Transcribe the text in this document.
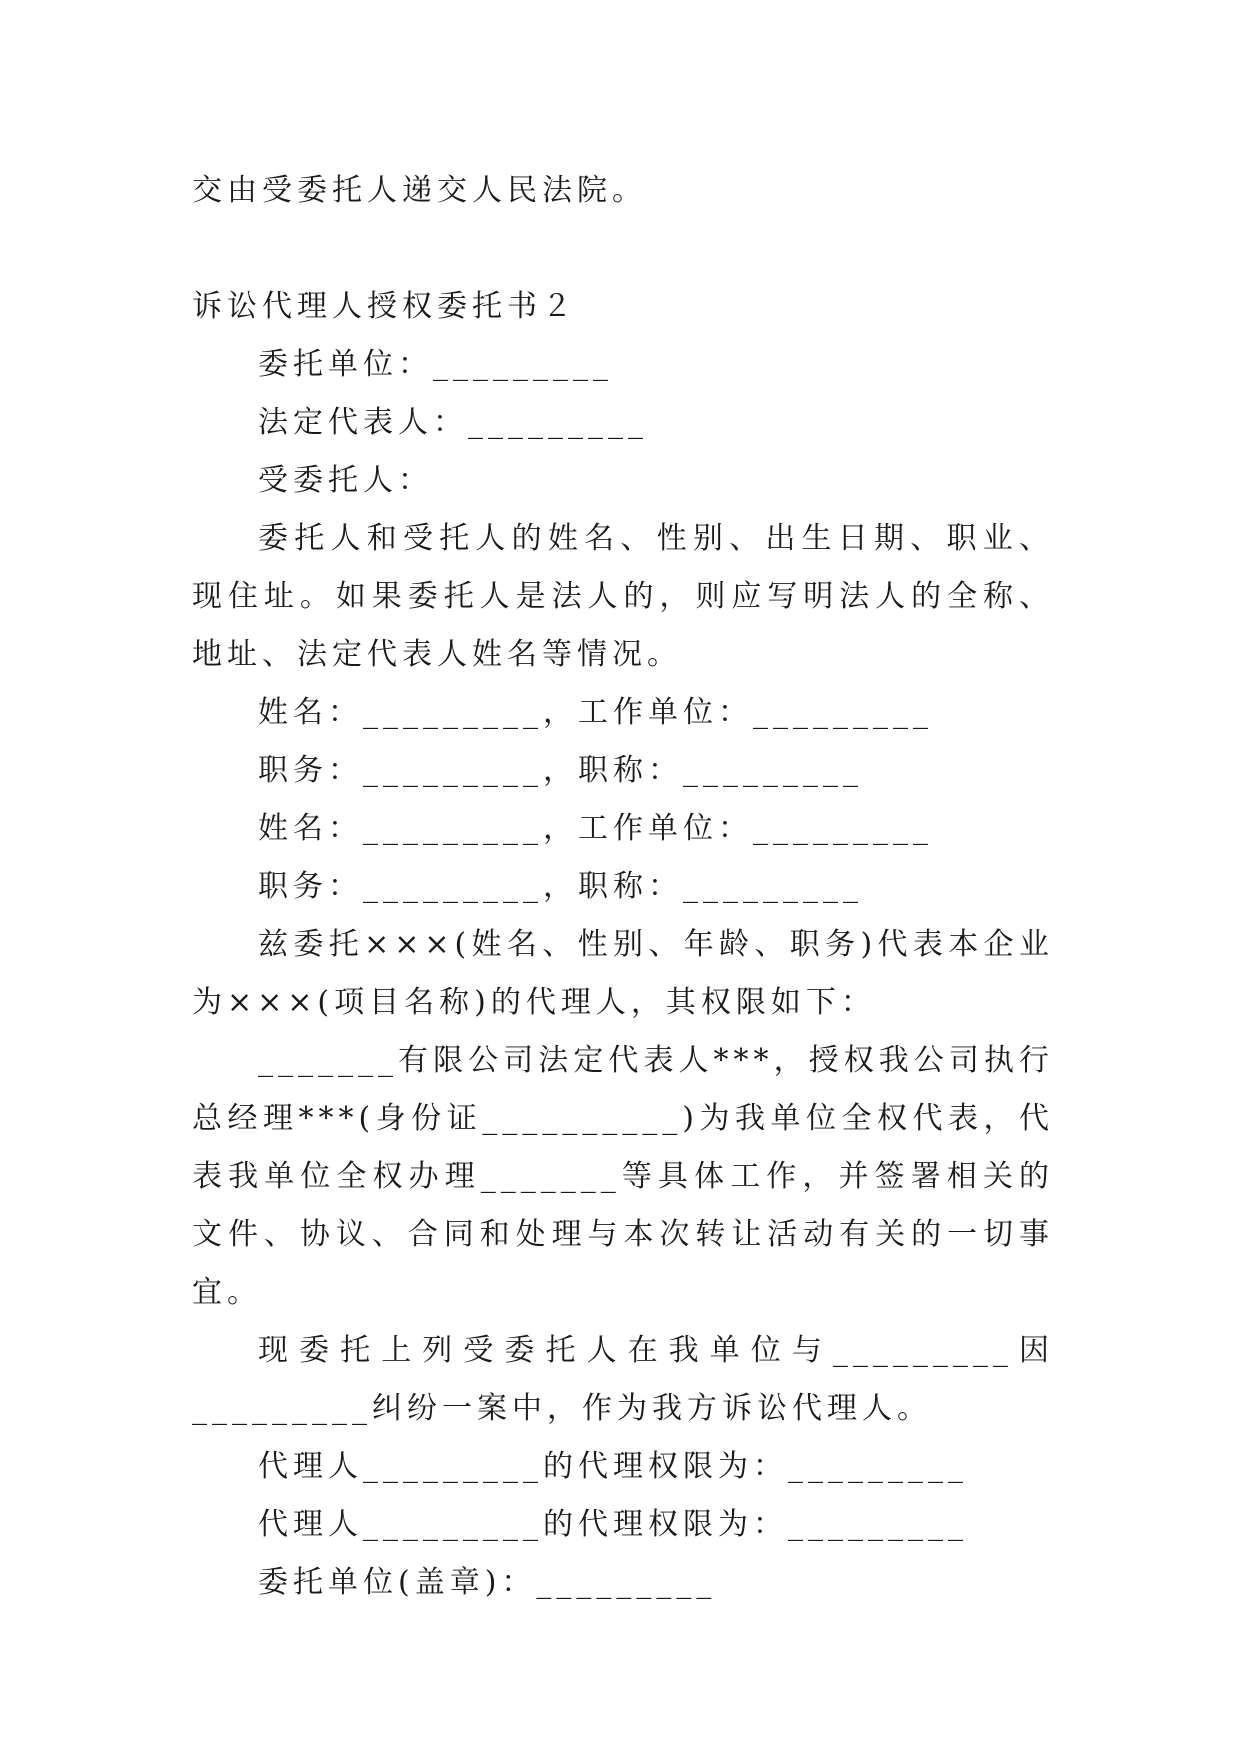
交由受委托人递交人民法院。
诉讼代理人授权委托书２
委托单位：_________
法定代表人：_________
受委托人：
委托人和受托人的姓名、性别、出生日期、职业、现住址。如果委托人是法人的，则应写明法人的全称、地址、法定代表人姓名等情况。
姓名：_________，工作单位：_________
职务：_________，职称：_________
姓名：_________，工作单位：_________
职务：_________，职称：_________
兹委托×××(姓名、性别、年龄、职务)代表本企业为×××(项目名称)的代理人，其权限如下：
_______有限公司法定代表人***，授权我公司执行总经理***(身份证__________)为我单位全权代表，代表我单位全权办理_______等具体工作，并签署相关的文件、协议、合同和处理与本次转让活动有关的一切事宜。
现委托上列受委托人在我单位与_________因_________纠纷一案中，作为我方诉讼代理人。
代理人_________的代理权限为：_________
代理人_________的代理权限为：_________
委托单位(盖章)：_________
